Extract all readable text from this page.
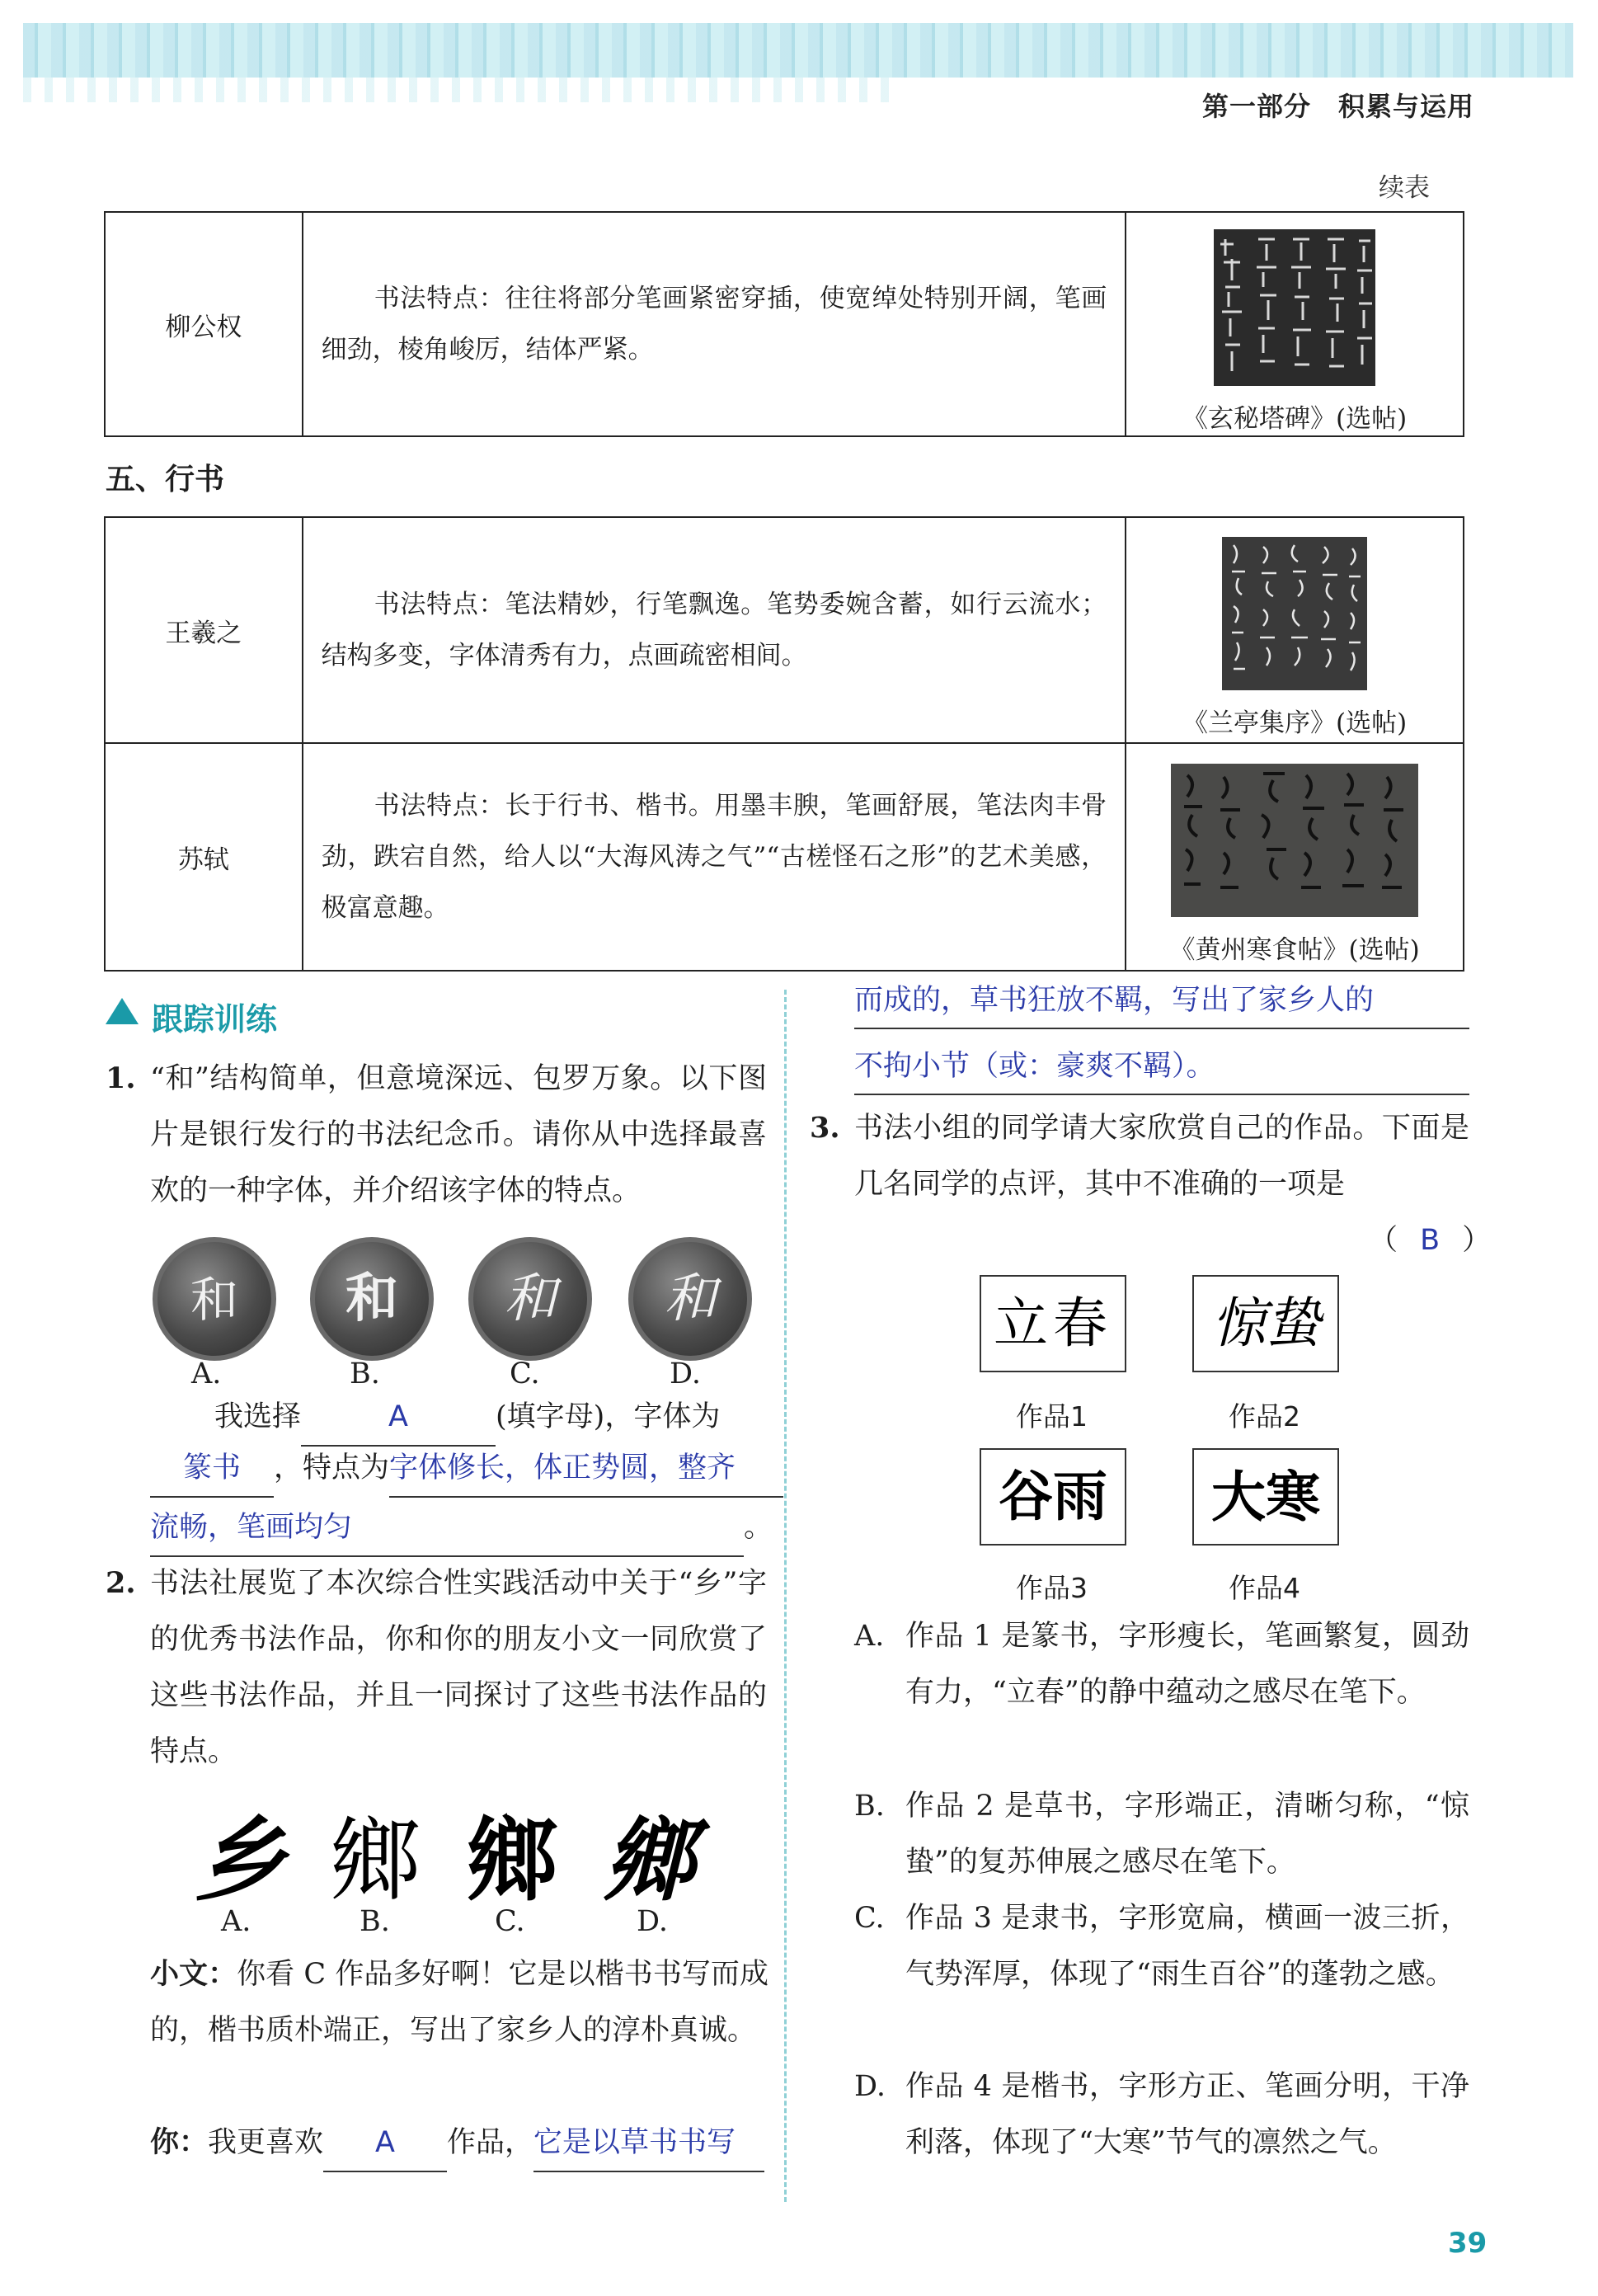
第一部分　积累与运用
续表
柳公权	书法特点：往往将部分笔画紧密穿插，使宽绰处特别开阔，笔画细劲，棱角峻厉，结体严紧。	
《玄秘塔碑》(选帖)
五、行书
王羲之	书法特点：笔法精妙，行笔飘逸。笔势委婉含蓄，如行云流水；结构多变，字体清秀有力，点画疏密相间。	《兰亭集序》(选帖)

苏轼	书法特点：长于行书、楷书。用墨丰腴，笔画舒展，笔法肉丰骨劲，跌宕自然，给人以“大海风涛之气”“古槎怪石之形”的艺术美感，极富意趣。	《黄州寒食帖》(选帖)
跟踪训练
1. “和”结构简单，但意境深远、包罗万象。以下图片是银行发行的书法纪念币。请你从中选择最喜欢的一种字体，并介绍该字体的特点。
和	和	和	和
A.	B.	C.	D.
我选择	A	(填字母)，字体为
篆书 ，特点为字体修长，体正势圆，整齐
流畅，笔画均匀	。
2. 书法社展览了本次综合性实践活动中关于“乡”字的优秀书法作品，你和你的朋友小文一同欣赏了这些书法作品，并且一同探讨了这些书法作品的特点。
乡 鄉 鄉 鄉
A.	B.	C.	D.
小文：你看 C 作品多好啊！它是以楷书书写而成的，楷书质朴端正，写出了家乡人的淳朴真诚。
你：我更喜欢 A 作品，它是以草书书写
而成的，草书狂放不羁，写出了家乡人的 不拘小节（或：豪爽不羁）。
3. 书法小组的同学请大家欣赏自己的作品。下面是几名同学的点评，其中不准确的一项是
（ B ）
立春	惊蛰
谷雨	大寒
作品1	作品2
作品3	作品4
A. 作品 1 是篆书，字形瘦长，笔画繁复，圆劲有力，“立春”的静中蕴动之感尽在笔下。
B. 作品 2 是草书，字形端正，清晰匀称，“惊蛰”的复苏伸展之感尽在笔下。
C. 作品 3 是隶书，字形宽扁，横画一波三折，气势浑厚，体现了“雨生百谷”的蓬勃之感。
D. 作品 4 是楷书，字形方正、笔画分明，干净利落，体现了“大寒”节气的凛然之气。
39
